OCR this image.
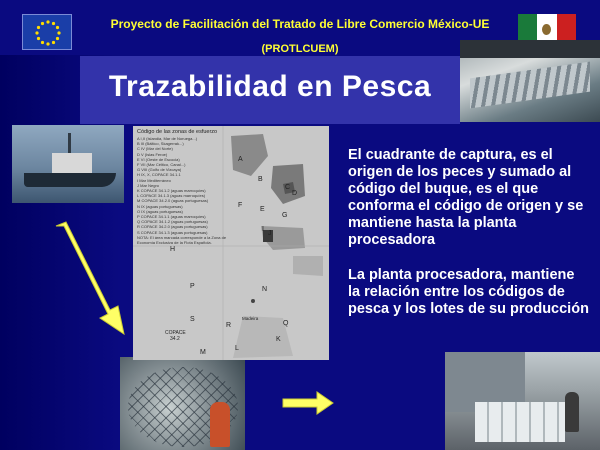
Proyecto de Facilitación del Tratado de Libre Comercio México-UE
(PROTLCUEM)
Trazabilidad en Pesca
Código de las zonas de esfuerzo
A I,II (Islandia, Mar de Noruega...)
B III (Báltico, Skagerrak...)
C IV (Mar del Norte)
D V (Islas Feroe)
E VI (Oeste de Escocia)
F VII (Mar Céltico, Canal...)
G VIII (Golfo de Vizcaya)
H IX, X, COPACE 34.1.1
I Mar Mediterráneo
J Mar Negro
K COPACE 34.1.2 (aguas marroquíes)
L COPACE 34.1.3 (aguas marroquíes)
M COPACE 34.2.0 (aguas portuguesas)
N IX (aguas portuguesas)
O IX (aguas portuguesas)
P COPACE 34.1.1 (aguas marroquíes)
Q COPACE 34.1.2 (aguas portuguesas)
R COPACE 34.2.0 (aguas portuguesas)
S COPACE 34.1.3 (aguas portuguesas)
NOTA: El área marcada corresponde a la Zona de
Economía Exclusiva de la Flota Española.
A
B
C
D
E
F
G
H
I
J
K
L
M
N
P
Q
R
S	Madeira
COPACE
34.2
El cuadrante de captura, es el origen de los peces y sumado al código del buque, es el que conforma el código de origen y se mantiene hasta la planta procesadora
La planta procesadora, mantiene la relación entre los códigos de pesca y los lotes de su producción
